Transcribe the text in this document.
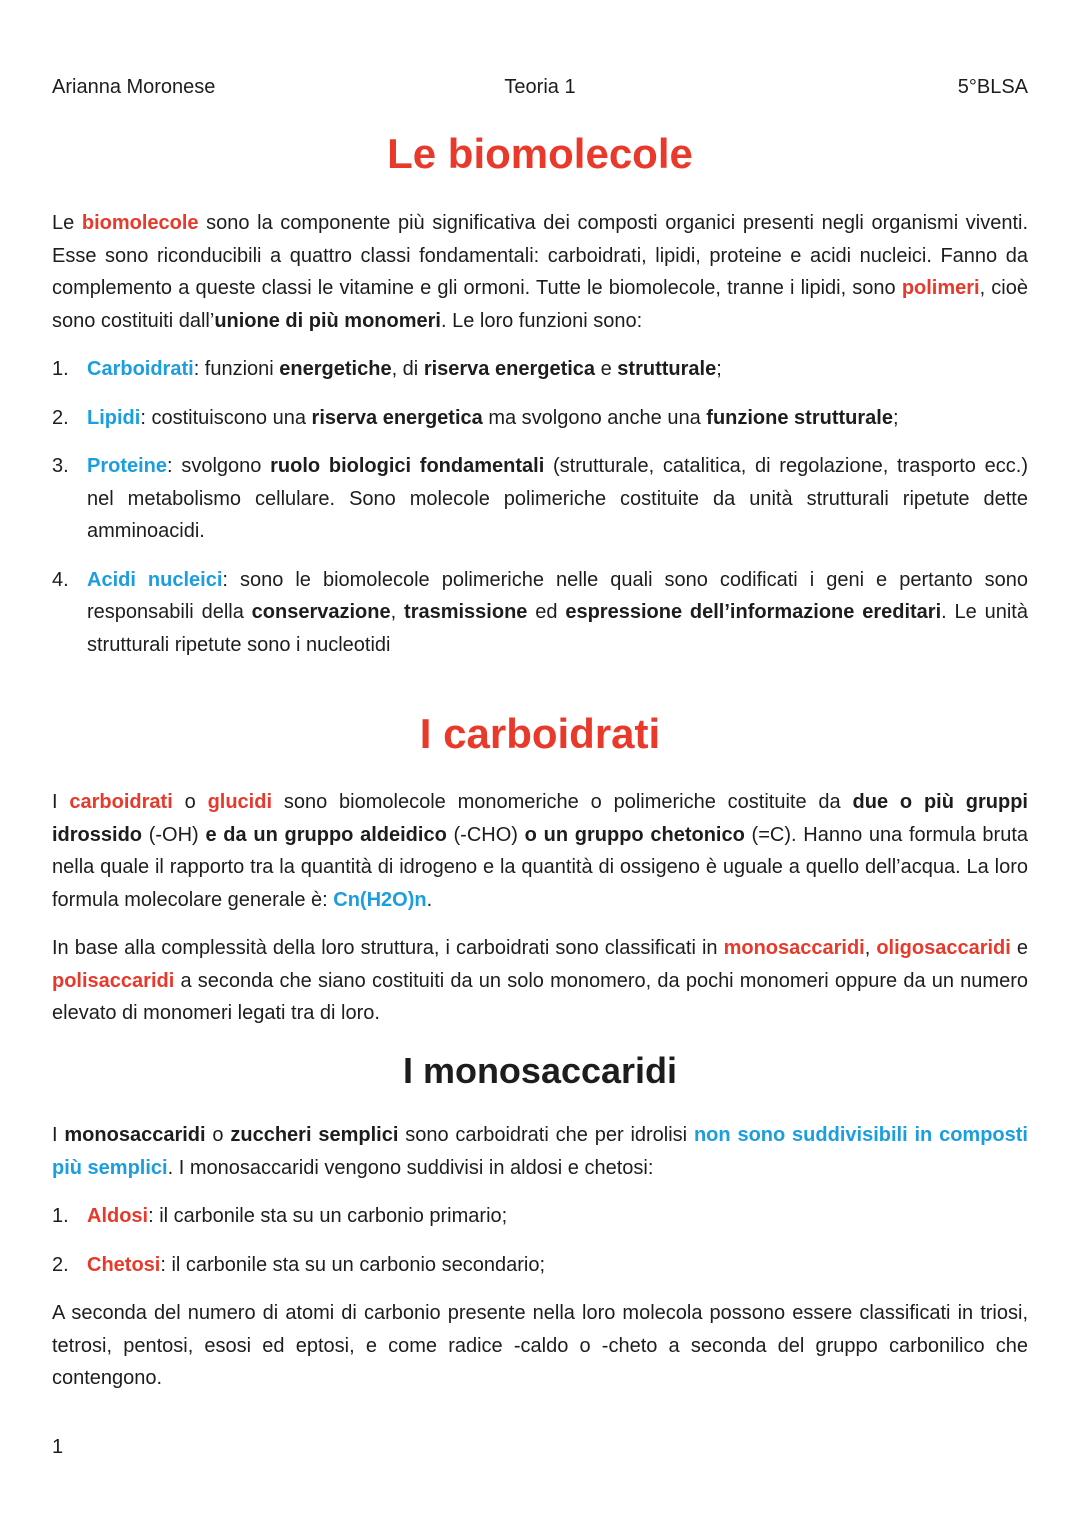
Arianna Moronese	Teoria 1	5°BLSA
Le biomolecole

Le biomolecole sono la componente più significativa dei composti organici presenti negli organismi viventi. Esse sono riconducibili a quattro classi fondamentali: carboidrati, lipidi, proteine e acidi nucleici. Fanno da complemento a queste classi le vitamine e gli ormoni. Tutte le biomolecole, tranne i lipidi, sono polimeri, cioè sono costituiti dall’unione di più monomeri. Le loro funzioni sono:

1. Carboidrati: funzioni energetiche, di riserva energetica e strutturale;
2. Lipidi: costituiscono una riserva energetica ma svolgono anche una funzione strutturale;
3. Proteine: svolgono ruolo biologici fondamentali (strutturale, catalitica, di regolazione, trasporto ecc.) nel metabolismo cellulare. Sono molecole polimeriche costituite da unità strutturali ripetute dette amminoacidi.
4. Acidi nucleici: sono le biomolecole polimeriche nelle quali sono codificati i geni e pertanto sono responsabili della conservazione, trasmissione ed espressione dell’informazione ereditari. Le unità strutturali ripetute sono i nucleotidi
I carboidrati

I carboidrati o glucidi sono biomolecole monomeriche o polimeriche costituite da due o più gruppi idrossido (-OH) e da un gruppo aldeidico (-CHO) o un gruppo chetonico (=C). Hanno una formula bruta nella quale il rapporto tra la quantità di idrogeno e la quantità di ossigeno è uguale a quello dell’acqua. La loro formula molecolare generale è: Cn(H2O)n.

In base alla complessità della loro struttura, i carboidrati sono classificati in monosaccaridi, oligosaccaridi e polisaccaridi a seconda che siano costituiti da un solo monomero, da pochi monomeri oppure da un numero elevato di monomeri legati tra di loro.

I monosaccaridi

I monosaccaridi o zuccheri semplici sono carboidrati che per idrolisi non sono suddivisibili in composti più semplici. I monosaccaridi vengono suddivisi in aldosi e chetosi:

1. Aldosi: il carbonile sta su un carbonio primario;
2. Chetosi: il carbonile sta su un carbonio secondario;

A seconda del numero di atomi di carbonio presente nella loro molecola possono essere classificati in triosi, tetrosi, pentosi, esosi ed eptosi, e come radice -caldo o -cheto a seconda del gruppo carbonilico che contengono.

1
